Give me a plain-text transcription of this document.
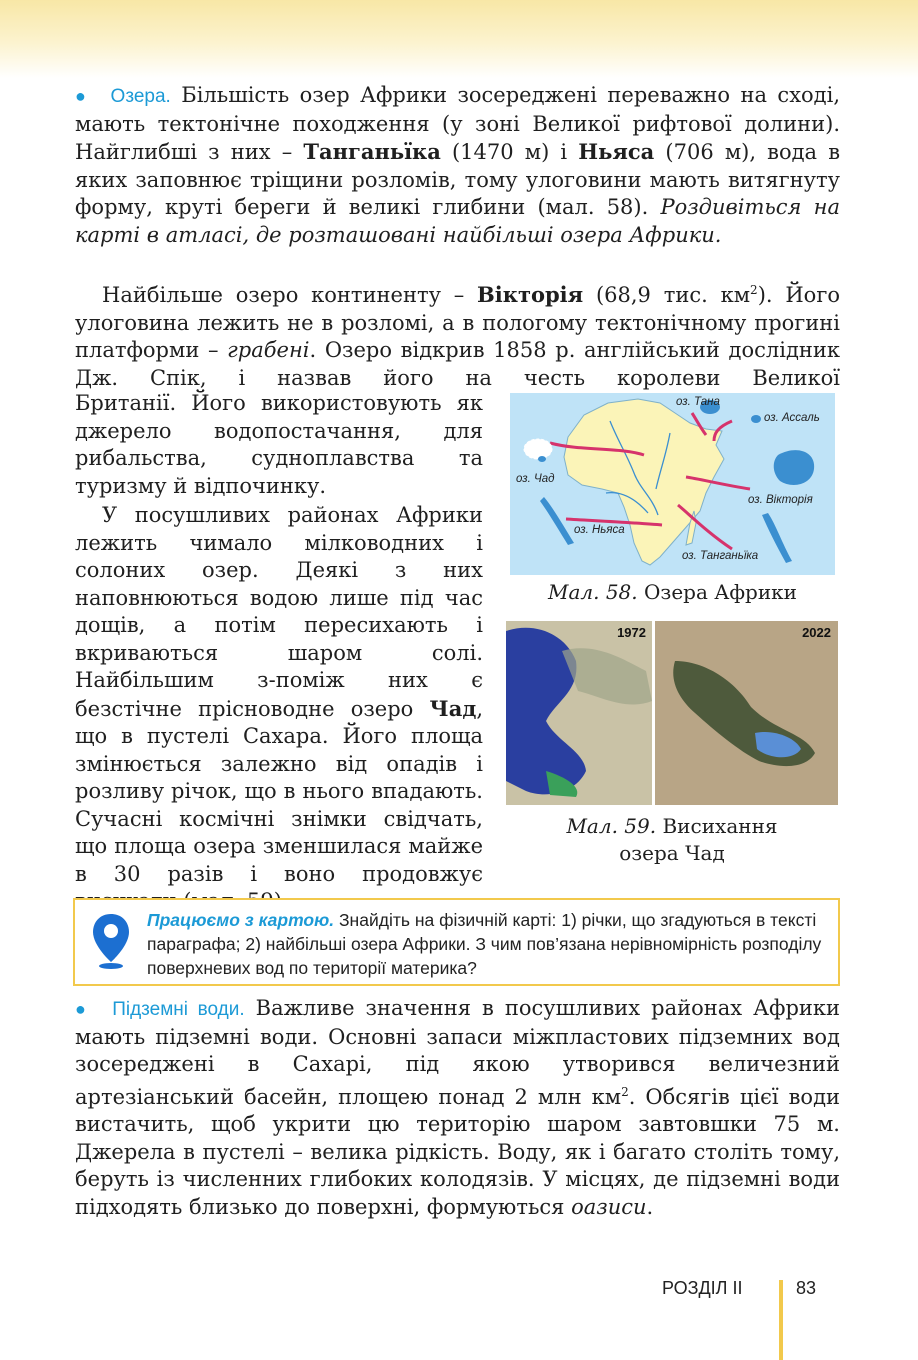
● Озера. Більшість озер Африки зосереджені переважно на сході, мають тектонічне походження (у зоні Великої рифтової долини). Найглибші з них – Танганьїка (1470 м) і Ньяса (706 м), вода в яких заповнює тріщини розломів, тому улоговини мають витягнуту форму, круті береги й великі глибини (мал. 58). Роздивіться на карті в атласі, де розташовані найбільші озера Африки.

Найбільше озеро континенту – Вікторія (68,9 тис. $км^2$). Його улоговина лежить не в розломі, а в пологому тектонічному прогині платформи – грабені. Озеро відкрив 1858 р. англійський дослідник Дж. Спік, і назвав його на честь королеви Великої

Британії. Його використовують як джерело водопостачання, для рибальства, судноплавства та туризму й відпочинку.

У посушливих районах Африки лежить чимало мілководних і солоних озер. Деякі з них наповнюються водою лише під час дощів, а потім пересихають і вкриваються шаром солі. Найбільшим з-поміж них є безстічне прісноводне озеро Чад, що в пустелі Сахара. Його площа змінюється залежно від опадів і розливу річок, що в нього впадають. Сучасні космічні знімки свідчать, що площа озера зменшилася майже в 30 разів і воно продовжує

оз. Тана
оз. Ассаль
оз. Чад
оз. Вікторія
оз. Ньяса
оз. Танганьїка
Мал. 58. Озера Африки
1972	2022
Мал. 59. Висихання
озера Чад

Працюємо з картою. Знайдіть на фізичній карті: 1) річки, що згадуються в тексті параграфа; 2) найбільші озера Африки. З чим пов’язана нерівномірність розподілу поверхневих вод по території материка?

● Підземні води. Важливе значення в посушливих районах Африки мають підземні води. Основні запаси міжпластових підземних вод зосереджені в Сахарі, під якою утворився величезний артезіанський басейн, площею понад 2 млн $км^2$. Обсягів цієї води вистачить, щоб укрити цю територію шаром завтовшки 75 м. Джерела в пустелі – велика рідкість. Воду, як і багато століть тому, беруть із численних глибоких колодязів. У місцях, де підземні води підходять близько до поверхні, формуються оазиси.

РОЗДІЛ II	83
